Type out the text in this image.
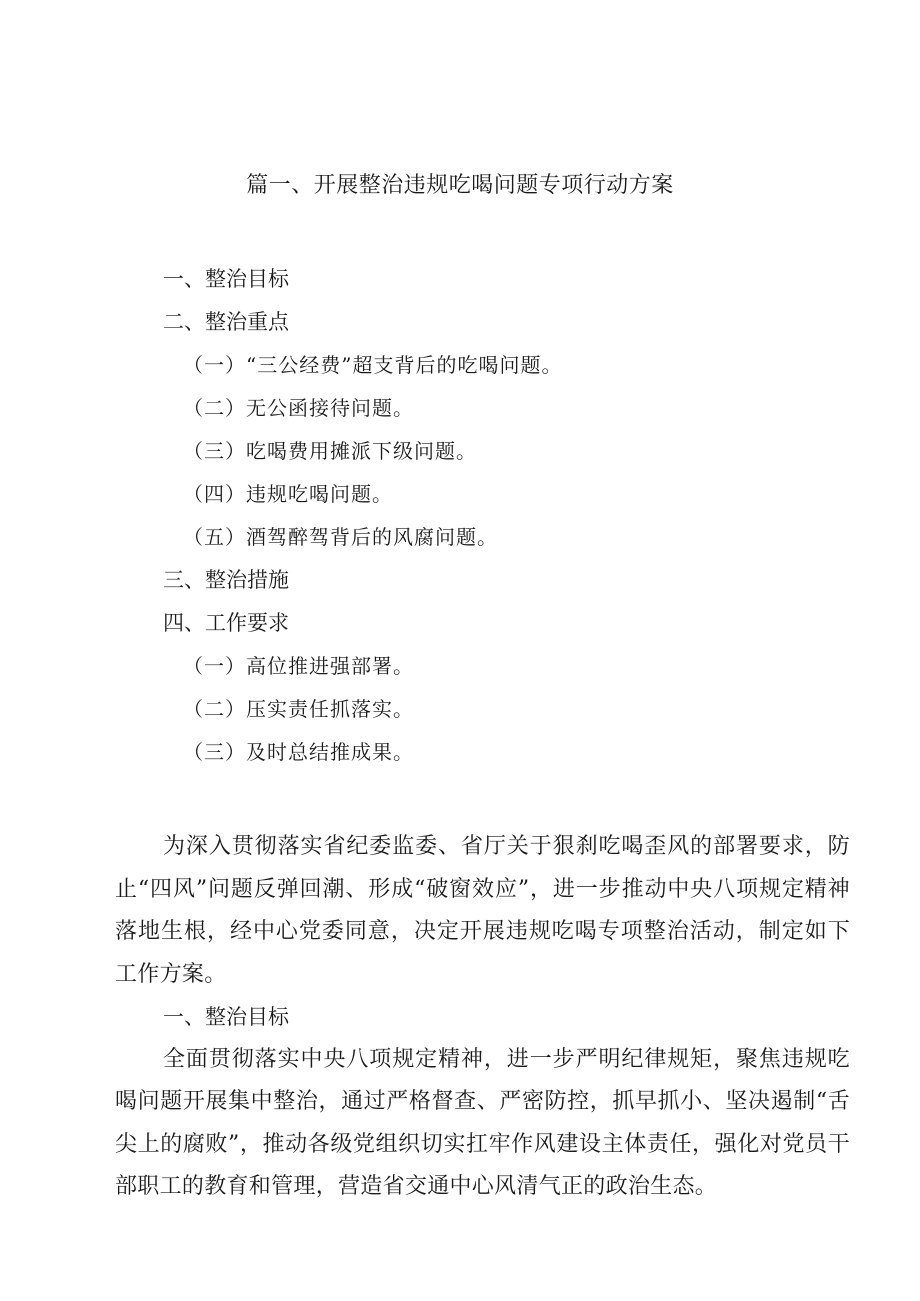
篇一、开展整治违规吃喝问题专项行动方案
一、整治目标
二、整治重点
（一）“三公经费”超支背后的吃喝问题。
（二）无公函接待问题。
（三）吃喝费用摊派下级问题。
（四）违规吃喝问题。
（五）酒驾醉驾背后的风腐问题。
三、整治措施
四、工作要求
（一）高位推进强部署。
（二）压实责任抓落实。
（三）及时总结推成果。

为深入贯彻落实省纪委监委、省厅关于狠刹吃喝歪风的部署要求，防止“四风”问题反弹回潮、形成“破窗效应”，进一步推动中央八项规定精神落地生根，经中心党委同意，决定开展违规吃喝专项整治活动，制定如下工作方案。

一、整治目标

全面贯彻落实中央八项规定精神，进一步严明纪律规矩，聚焦违规吃喝问题开展集中整治，通过严格督查、严密防控，抓早抓小、坚决遏制“舌尖上的腐败”，推动各级党组织切实扛牢作风建设主体责任，强化对党员干部职工的教育和管理，营造省交通中心风清气正的政治生态。
